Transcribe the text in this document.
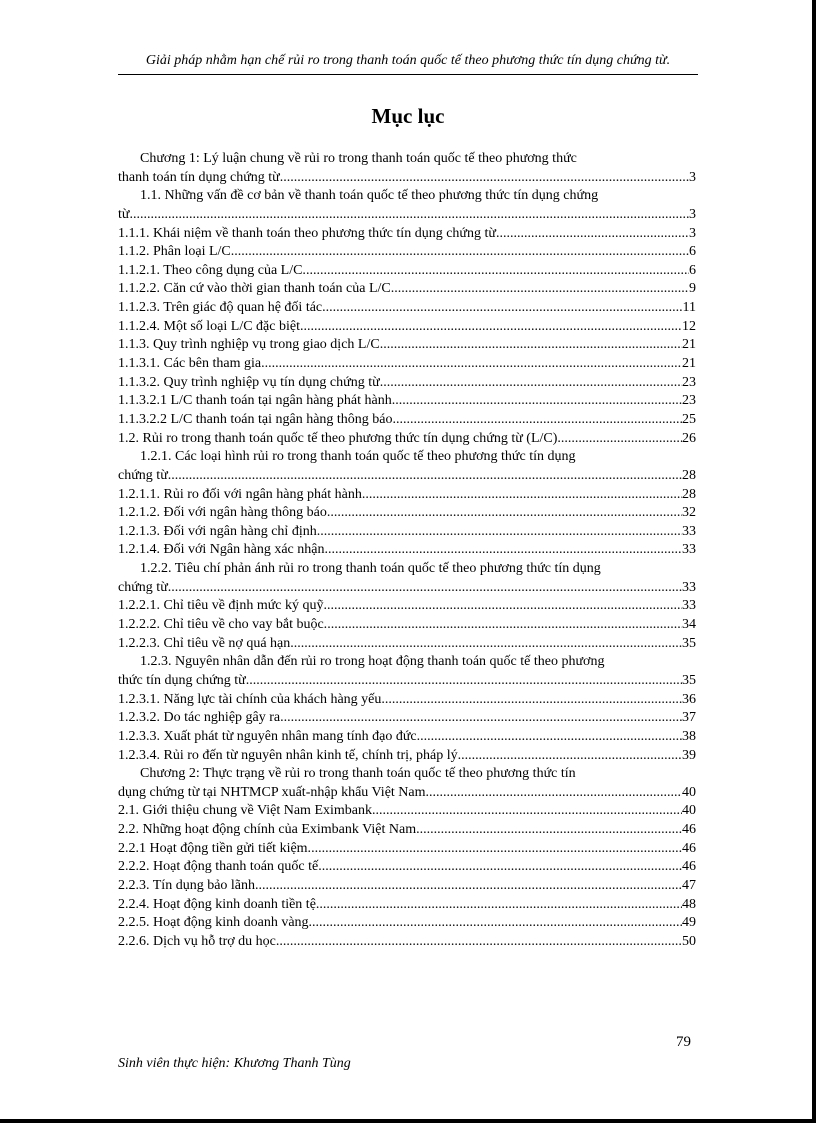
Giải pháp nhằm hạn chế rủi ro trong thanh toán quốc tế theo phương thức tín dụng chứng từ.
Mục lục
Chương 1: Lý luận chung về rủi ro trong thanh toán quốc tế theo phương thức
thanh toán tín dụng chứng từ. .....	3
1.1. Những vấn đề cơ bản về thanh toán quốc tế theo phương thức tín dụng chứng
từ. .....	3
1.1.1. Khái niệm về thanh toán theo phương thức tín dụng chứng từ. .....	3
1.1.2. Phân loại L/C. .....	6
1.1.2.1. Theo công dụng của L/C. .....	6
1.1.2.2. Căn cứ vào thời gian thanh toán của L/C .....	9
1.1.2.3. Trên giác độ quan hệ đối tác. .....	11
1.1.2.4. Một số loại L/C đặc biệt. .....	12
1.1.3. Quy trình nghiệp vụ trong giao dịch L/C. .....	21
1.1.3.1. Các bên tham gia. .....	21
1.1.3.2. Quy trình nghiệp vụ tín dụng chứng từ. .....	23
1.1.3.2.1 L/C thanh toán tại ngân hàng phát hành. .....	23
1.1.3.2.2 L/C thanh toán tại ngân hàng thông báo. .....	25
1.2. Rủi ro trong thanh toán quốc tế theo phương thức tín dụng chứng từ (L/C) .....	26
1.2.1. Các loại hình rủi ro trong thanh toán quốc tế theo phương thức tín dụng
chứng từ. .....	28
1.2.1.1. Rủi ro đối với ngân hàng phát hành. .....	28
1.2.1.2. Đối với ngân hàng thông báo. .....	32
1.2.1.3. Đối với ngân hàng chỉ định. .....	33
1.2.1.4. Đối với Ngân hàng xác nhận. .....	33
1.2.2. Tiêu chí phản ánh rủi ro trong thanh toán quốc tế theo phương thức tín dụng
chứng từ. .....	33
1.2.2.1. Chỉ tiêu về định mức ký quỹ. .....	33
1.2.2.2. Chỉ tiêu về cho vay bắt buộc. .....	34
1.2.2.3. Chỉ tiêu về nợ quá hạn. .....	35
1.2.3. Nguyên nhân dẫn đến rủi ro trong hoạt động thanh toán quốc tế theo phương
thức tín dụng chứng từ. .....	35
1.2.3.1. Năng lực tài chính của khách hàng yếu. .....	36
1.2.3.2. Do tác nghiệp gây ra. .....	37
1.2.3.3. Xuất phát từ nguyên nhân mang tính đạo đức. .....	38
1.2.3.4. Rủi ro đến từ nguyên nhân kinh tế, chính trị, pháp lý. .....	39
Chương 2: Thực trạng về rủi ro trong thanh toán quốc tế theo phương thức tín
dụng chứng từ tại NHTMCP xuất-nhập khẩu Việt Nam. .....	40
2.1. Giới thiệu chung về Việt Nam Eximbank .....	40
2.2. Những hoạt động chính của Eximbank Việt Nam. .....	46
2.2.1 Hoạt động tiền gửi tiết kiệm. .....	46
2.2.2. Hoạt động thanh toán quốc tế .....	46
2.2.3. Tín dụng bảo lãnh. .....	47
2.2.4. Hoạt động kinh doanh tiền tệ. .....	48
2.2.5. Hoạt động kinh doanh vàng. .....	49
2.2.6. Dịch vụ hỗ trợ du học. .....	50
79
Sinh viên thực hiện: Khương Thanh Tùng
